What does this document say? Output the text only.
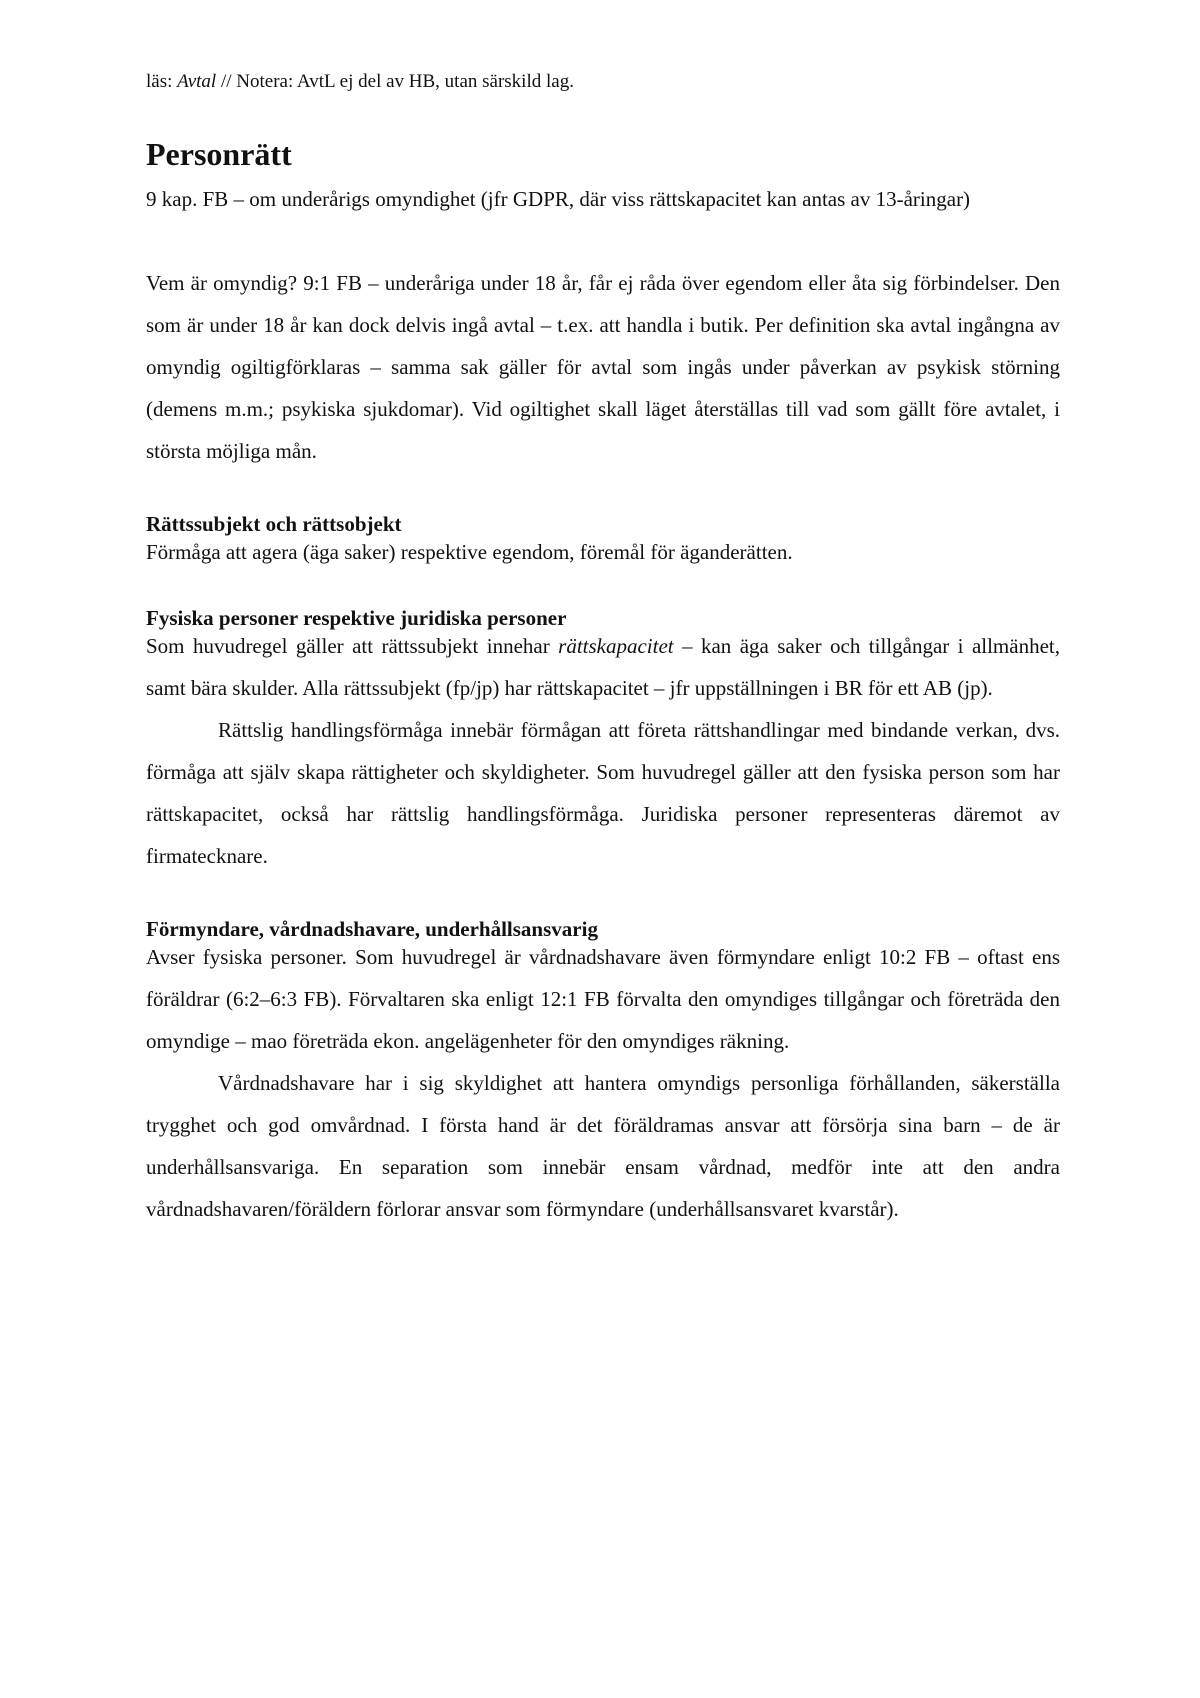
läs: Avtal // Notera: AvtL ej del av HB, utan särskild lag.

Personrätt

9 kap. FB – om underårigs omyndighet (jfr GDPR, där viss rättskapacitet kan antas av 13-åringar)

Vem är omyndig? 9:1 FB – underåriga under 18 år, får ej råda över egendom eller åta sig förbindelser. Den som är under 18 år kan dock delvis ingå avtal – t.ex. att handla i butik. Per definition ska avtal ingångna av omyndig ogiltigförklaras – samma sak gäller för avtal som ingås under påverkan av psykisk störning (demens m.m.; psykiska sjukdomar). Vid ogiltighet skall läget återställas till vad som gällt före avtalet, i största möjliga mån.

Rättssubjekt och rättsobjekt

Förmåga att agera (äga saker) respektive egendom, föremål för äganderätten.

Fysiska personer respektive juridiska personer

Som huvudregel gäller att rättssubjekt innehar rättskapacitet – kan äga saker och tillgångar i allmänhet, samt bära skulder. Alla rättssubjekt (fp/jp) har rättskapacitet – jfr uppställningen i BR för ett AB (jp).

Rättslig handlingsförmåga innebär förmågan att företa rättshandlingar med bindande verkan, dvs. förmåga att själv skapa rättigheter och skyldigheter. Som huvudregel gäller att den fysiska person som har rättskapacitet, också har rättslig handlingsförmåga. Juridiska personer representeras däremot av firmatecknare.

Förmyndare, vårdnadshavare, underhållsansvarig

Avser fysiska personer. Som huvudregel är vårdnadshavare även förmyndare enligt 10:2 FB – oftast ens föräldrar (6:2–6:3 FB). Förvaltaren ska enligt 12:1 FB förvalta den omyndiges tillgångar och företräda den omyndige – mao företräda ekon. angelägenheter för den omyndiges räkning.

Vårdnadshavare har i sig skyldighet att hantera omyndigs personliga förhållanden, säkerställa trygghet och god omvårdnad. I första hand är det föräldramas ansvar att försörja sina barn – de är underhållsansvariga. En separation som innebär ensam vårdnad, medför inte att den andra vårdnadshavaren/föräldern förlorar ansvar som förmyndare (underhållsansvaret kvarstår).
